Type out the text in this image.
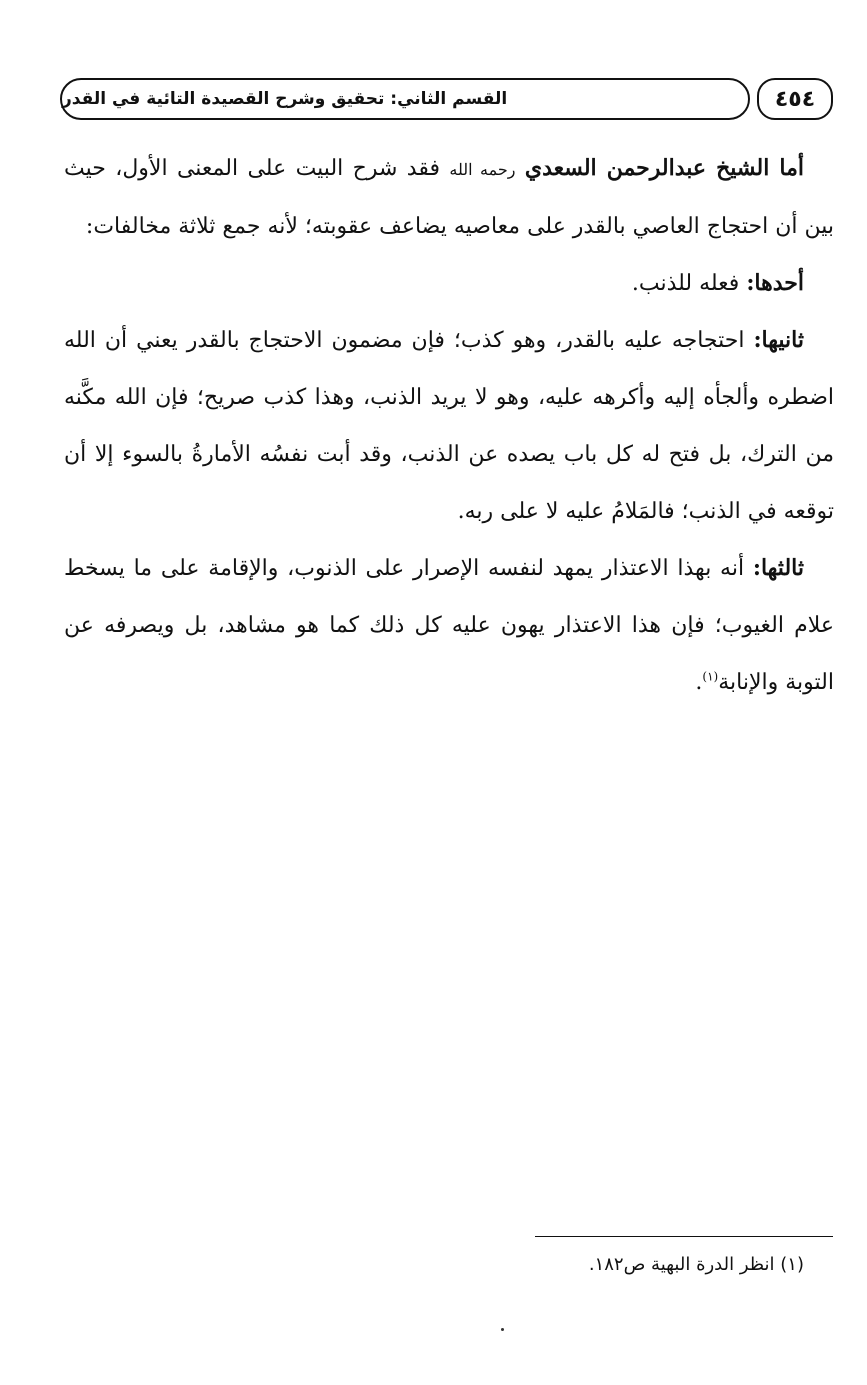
القسم الثاني: تحقيق وشرح القصيدة التائية في القدر	٤٥٤

أما الشيخ عبدالرحمن السعدي رحمه الله فقد شرح البيت على المعنى الأول، حيث بين أن احتجاج العاصي بالقدر على معاصيه يضاعف عقوبته؛ لأنه جمع ثلاثة مخالفات:

أحدها: فعله للذنب.

ثانيها: احتجاجه عليه بالقدر، وهو كذب؛ فإن مضمون الاحتجاج بالقدر يعني أن الله اضطره وألجأه إليه وأكرهه عليه، وهو لا يريد الذنب، وهذا كذب صريح؛ فإن الله مكَّنه من الترك، بل فتح له كل باب يصده عن الذنب، وقد أبت نفسُه الأمارةُ بالسوء إلا أن توقعه في الذنب؛ فالمَلامُ عليه لا على ربه.

ثالثها: أنه بهذا الاعتذار يمهد لنفسه الإصرار على الذنوب، والإقامة على ما يسخط علام الغيوب؛ فإن هذا الاعتذار يهون عليه كل ذلك كما هو مشاهد، بل ويصرفه عن التوبة والإنابة$^{(١)}$.

(١) انظر الدرة البهية ص١٨٢.
